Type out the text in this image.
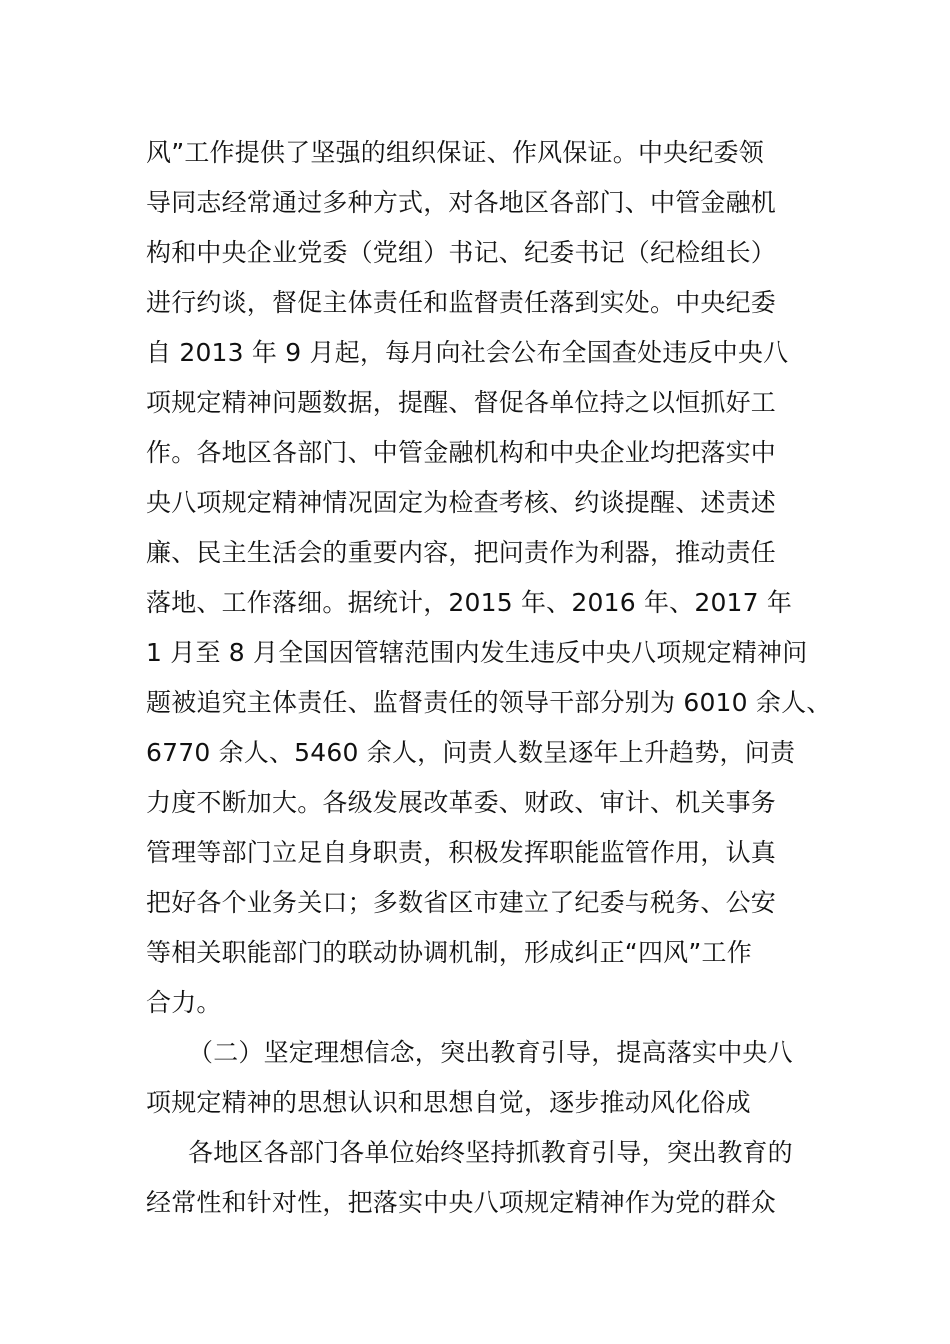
风”工作提供了坚强的组织保证、作风保证。中央纪委领
导同志经常通过多种方式，对各地区各部门、中管金融机
构和中央企业党委（党组）书记、纪委书记（纪检组长）
进行约谈，督促主体责任和监督责任落到实处。中央纪委
自 2013 年 9 月起，每月向社会公布全国查处违反中央八
项规定精神问题数据，提醒、督促各单位持之以恒抓好工
作。各地区各部门、中管金融机构和中央企业均把落实中
央八项规定精神情况固定为检查考核、约谈提醒、述责述
廉、民主生活会的重要内容，把问责作为利器，推动责任
落地、工作落细。据统计，2015 年、2016 年、2017 年
1 月至 8 月全国因管辖范围内发生违反中央八项规定精神问
题被追究主体责任、监督责任的领导干部分别为 6010 余人、
6770 余人、5460 余人，问责人数呈逐年上升趋势，问责
力度不断加大。各级发展改革委、财政、审计、机关事务
管理等部门立足自身职责，积极发挥职能监管作用，认真
把好各个业务关口；多数省区市建立了纪委与税务、公安
等相关职能部门的联动协调机制，形成纠正“四风”工作
合力。
（二）坚定理想信念，突出教育引导，提高落实中央八
项规定精神的思想认识和思想自觉，逐步推动风化俗成
各地区各部门各单位始终坚持抓教育引导，突出教育的
经常性和针对性，把落实中央八项规定精神作为党的群众
